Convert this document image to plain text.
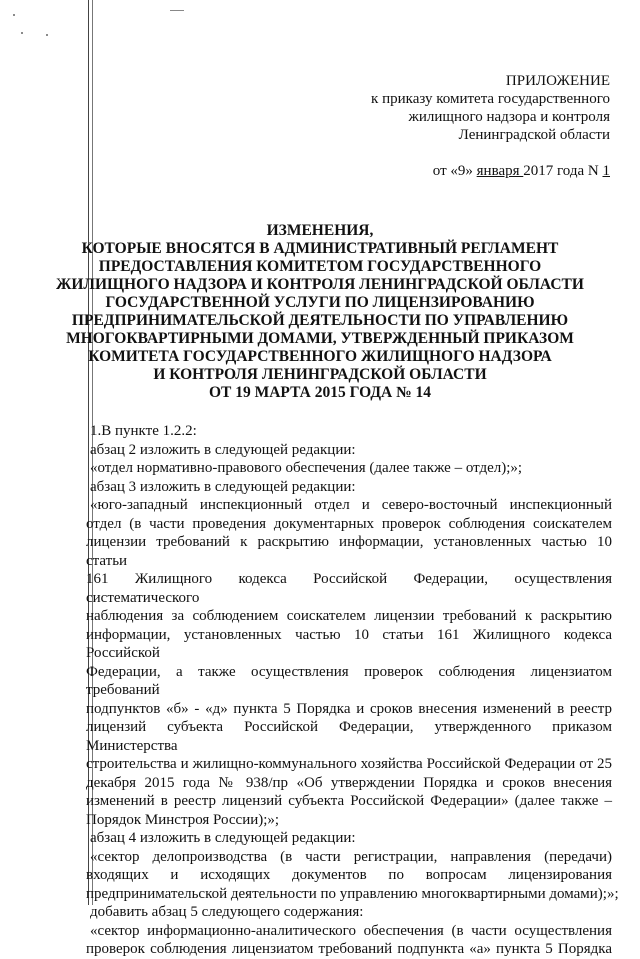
ПРИЛОЖЕНИЕ
к приказу комитета государственного
жилищного надзора и контроля
Ленинградской области
от «9» января 2017 года N 1
ИЗМЕНЕНИЯ,
КОТОРЫЕ ВНОСЯТСЯ В АДМИНИСТРАТИВНЫЙ РЕГЛАМЕНТ
ПРЕДОСТАВЛЕНИЯ КОМИТЕТОМ ГОСУДАРСТВЕННОГО
ЖИЛИЩНОГО НАДЗОРА И КОНТРОЛЯ ЛЕНИНГРАДСКОЙ ОБЛАСТИ
ГОСУДАРСТВЕННОЙ УСЛУГИ ПО ЛИЦЕНЗИРОВАНИЮ
ПРЕДПРИНИМАТЕЛЬСКОЙ ДЕЯТЕЛЬНОСТИ ПО УПРАВЛЕНИЮ
МНОГОКВАРТИРНЫМИ ДОМАМИ, УТВЕРЖДЕННЫЙ ПРИКАЗОМ
КОМИТЕТА ГОСУДАРСТВЕННОГО ЖИЛИЩНОГО НАДЗОРА
И КОНТРОЛЯ ЛЕНИНГРАДСКОЙ ОБЛАСТИ
ОТ 19 МАРТА 2015 ГОДА № 14
1.В пункте 1.2.2:
абзац 2 изложить в следующей редакции:
«отдел нормативно-правового обеспечения (далее также – отдел);»;
абзац 3 изложить в следующей редакции:
«юго-западный инспекционный отдел и северо-восточный инспекционный
отдел (в части проведения документарных проверок соблюдения соискателем
лицензии требований к раскрытию информации, установленных частью 10 статьи
161 Жилищного кодекса Российской Федерации, осуществления систематического
наблюдения за соблюдением соискателем лицензии требований к раскрытию
информации, установленных частью 10 статьи 161 Жилищного кодекса Российской
Федерации, а также осуществления проверок соблюдения лицензиатом требований
подпунктов «б» - «д» пункта 5 Порядка и сроков внесения изменений в реестр
лицензий субъекта Российской Федерации, утвержденного приказом Министерства
строительства и жилищно-коммунального хозяйства Российской Федерации от 25
декабря 2015 года № 938/пр «Об утверждении Порядка и сроков внесения
изменений в реестр лицензий субъекта Российской Федерации» (далее также –
Порядок Минстроя России);»;
абзац 4 изложить в следующей редакции:
«сектор делопроизводства (в части регистрации, направления (передачи)
входящих и исходящих документов по вопросам лицензирования
предпринимательской деятельности по управлению многоквартирными домами);»;
добавить абзац 5 следующего содержания:
«сектор информационно-аналитического обеспечения (в части осуществления
проверок соблюдения лицензиатом требований подпункта «а» пункта 5 Порядка
